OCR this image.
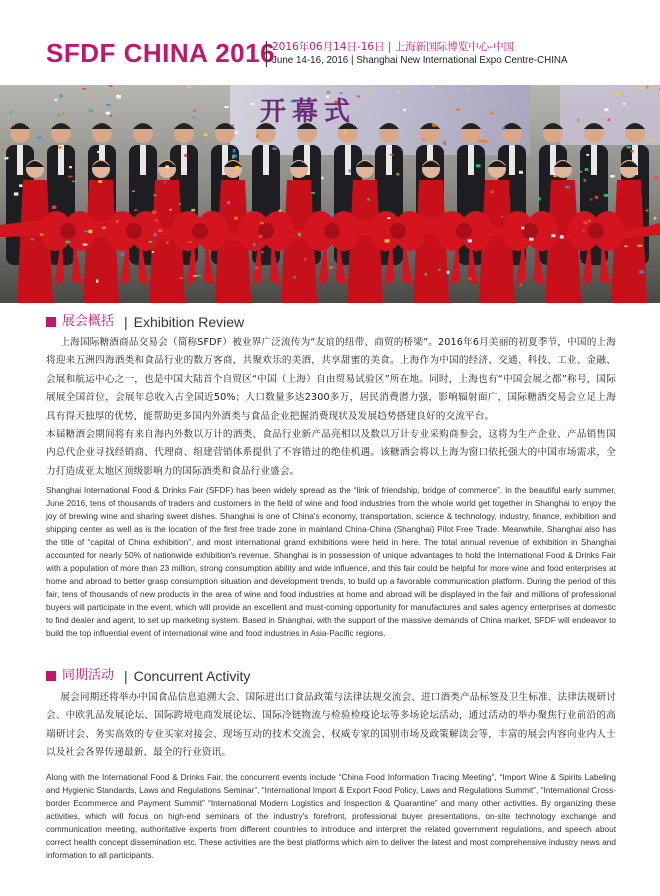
SFDF CHINA 2016
2016年06月14日-16日 | 上海新国际博览中心-中国
June 14-16, 2016 | Shanghai New International Expo Centre-CHINA
开幕式
展会概括	| Exhibition Review

上海国际糖酒商品交易会（简称SFDF）被业界广泛流传为“友谊的纽带、商贸的桥梁”。2016年6月美丽的初夏季节，中国的上海将迎来五洲四海酒类和食品行业的数万客商，共聚欢乐的美酒，共享甜蜜的美食。上海作为中国的经济、交通、科技、工业、金融、会展和航运中心之一，也是中国大陆首个自贸区“中国（上海）自由贸易试验区”所在地。同时，上海也有“中国会展之都”称号，国际展展全国首位，会展年总收入占全国近50%；人口数量多达2300多万，居民消费潜力强，影响辐射面广，国际糖酒交易会立足上海具有得天独厚的优势，能帮助更多国内外酒类与食品企业把握消费现状及发展趋势搭建良好的交流平台。

本届糖酒会期间将有来自海内外数以万计的酒类、食品行业新产品亮相以及数以万计专业采购商参会，这将为生产企业、产品销售国内总代企业寻找经销商、代理商、组建营销体系提供了不容错过的绝佳机遇。该糖酒会将以上海为窗口依托强大的中国市场需求，全力打造成亚太地区顶级影响力的国际酒类和食品行业盛会。

Shanghai International Food & Drinks Fair (SFDF) has been widely spread as the “link of friendship, bridge of commerce”. In the beautiful early summer, June 2016, tens of thousands of traders and customers in the field of wine and food industries from the whole world get together in Shanghai to enjoy the joy of brewing wine and sharing sweet dishes. Shanghai is one of China's economy, transportation, science & technology, industry, finance, exhibition and shipping center as well as is the location of the first free trade zone in mainland China-China (Shanghai) Pilot Free Trade. Meanwhile, Shanghai also has the title of “capital of China exhibition”, and most international grand exhibitions were held in here. The total annual revenue of exhibition in Shanghai accounted for nearly 50% of nationwide exhibition's revenue. Shanghai is in possession of unique advantages to hold the International Food & Drinks Fair with a population of more than 23 million, strong consumption ability and wide influence, and this fair could be helpful for more wine and food enterprises at home and abroad to better grasp consumption situation and development trends, to build up a favorable communication platform. During the period of this fair, tens of thousands of new products in the area of wine and food industries at home and abroad will be displayed in the fair and millions of professional buyers will participate in the event, which will provide an excellent and must-coming opportunity for manufactures and sales agency enterprises at domestic to find dealer and agent, to set up marketing system. Based in Shanghai, with the support of the massive demands of China market, SFDF will endeavor to build the top influential event of international wine and food industries in Asia-Pacific regions.

同期活动	| Concurrent Activity

展会同期还将举办中国食品信息追溯大会、国际进出口食品政策与法律法规交流会、进口酒类产品标签及卫生标准、法律法规研讨会、中欧乳品发展论坛、国际跨境电商发展论坛、国际冷链物流与检验检疫论坛等多场论坛活动，通过活动的举办聚焦行业前沿的高端研讨会、务实高效的专业买家对接会、现场互动的技术交流会、权威专家的国别市场及政策解读会等，丰富的展会内容向业内人士以及社会各界传递最新、最全的行业资讯。

Along with the International Food & Drinks Fair, the concurrent events include “China Food Information Tracing Meeting”, “Import Wine & Spirits Labeling and Hygienic Standards, Laws and Regulations Seminar”, “International Import & Export Food Policy, Laws and Regulations Summit”, “International Cross-border Ecommerce and Payment Summit” “International Modern Logistics and Inspection & Quarantine” and many other activities. By organizing these activities, which will focus on high-end seminars of the industry's forefront, professional buyer presentations, on-site technology exchange and communication meeting, authoritative experts from different countries to introduce and interpret the related government regulations, and speech about correct health concept dissemination etc. These activities are the best platforms which aim to deliver the latest and most comprehensive industry news and information to all participants.
